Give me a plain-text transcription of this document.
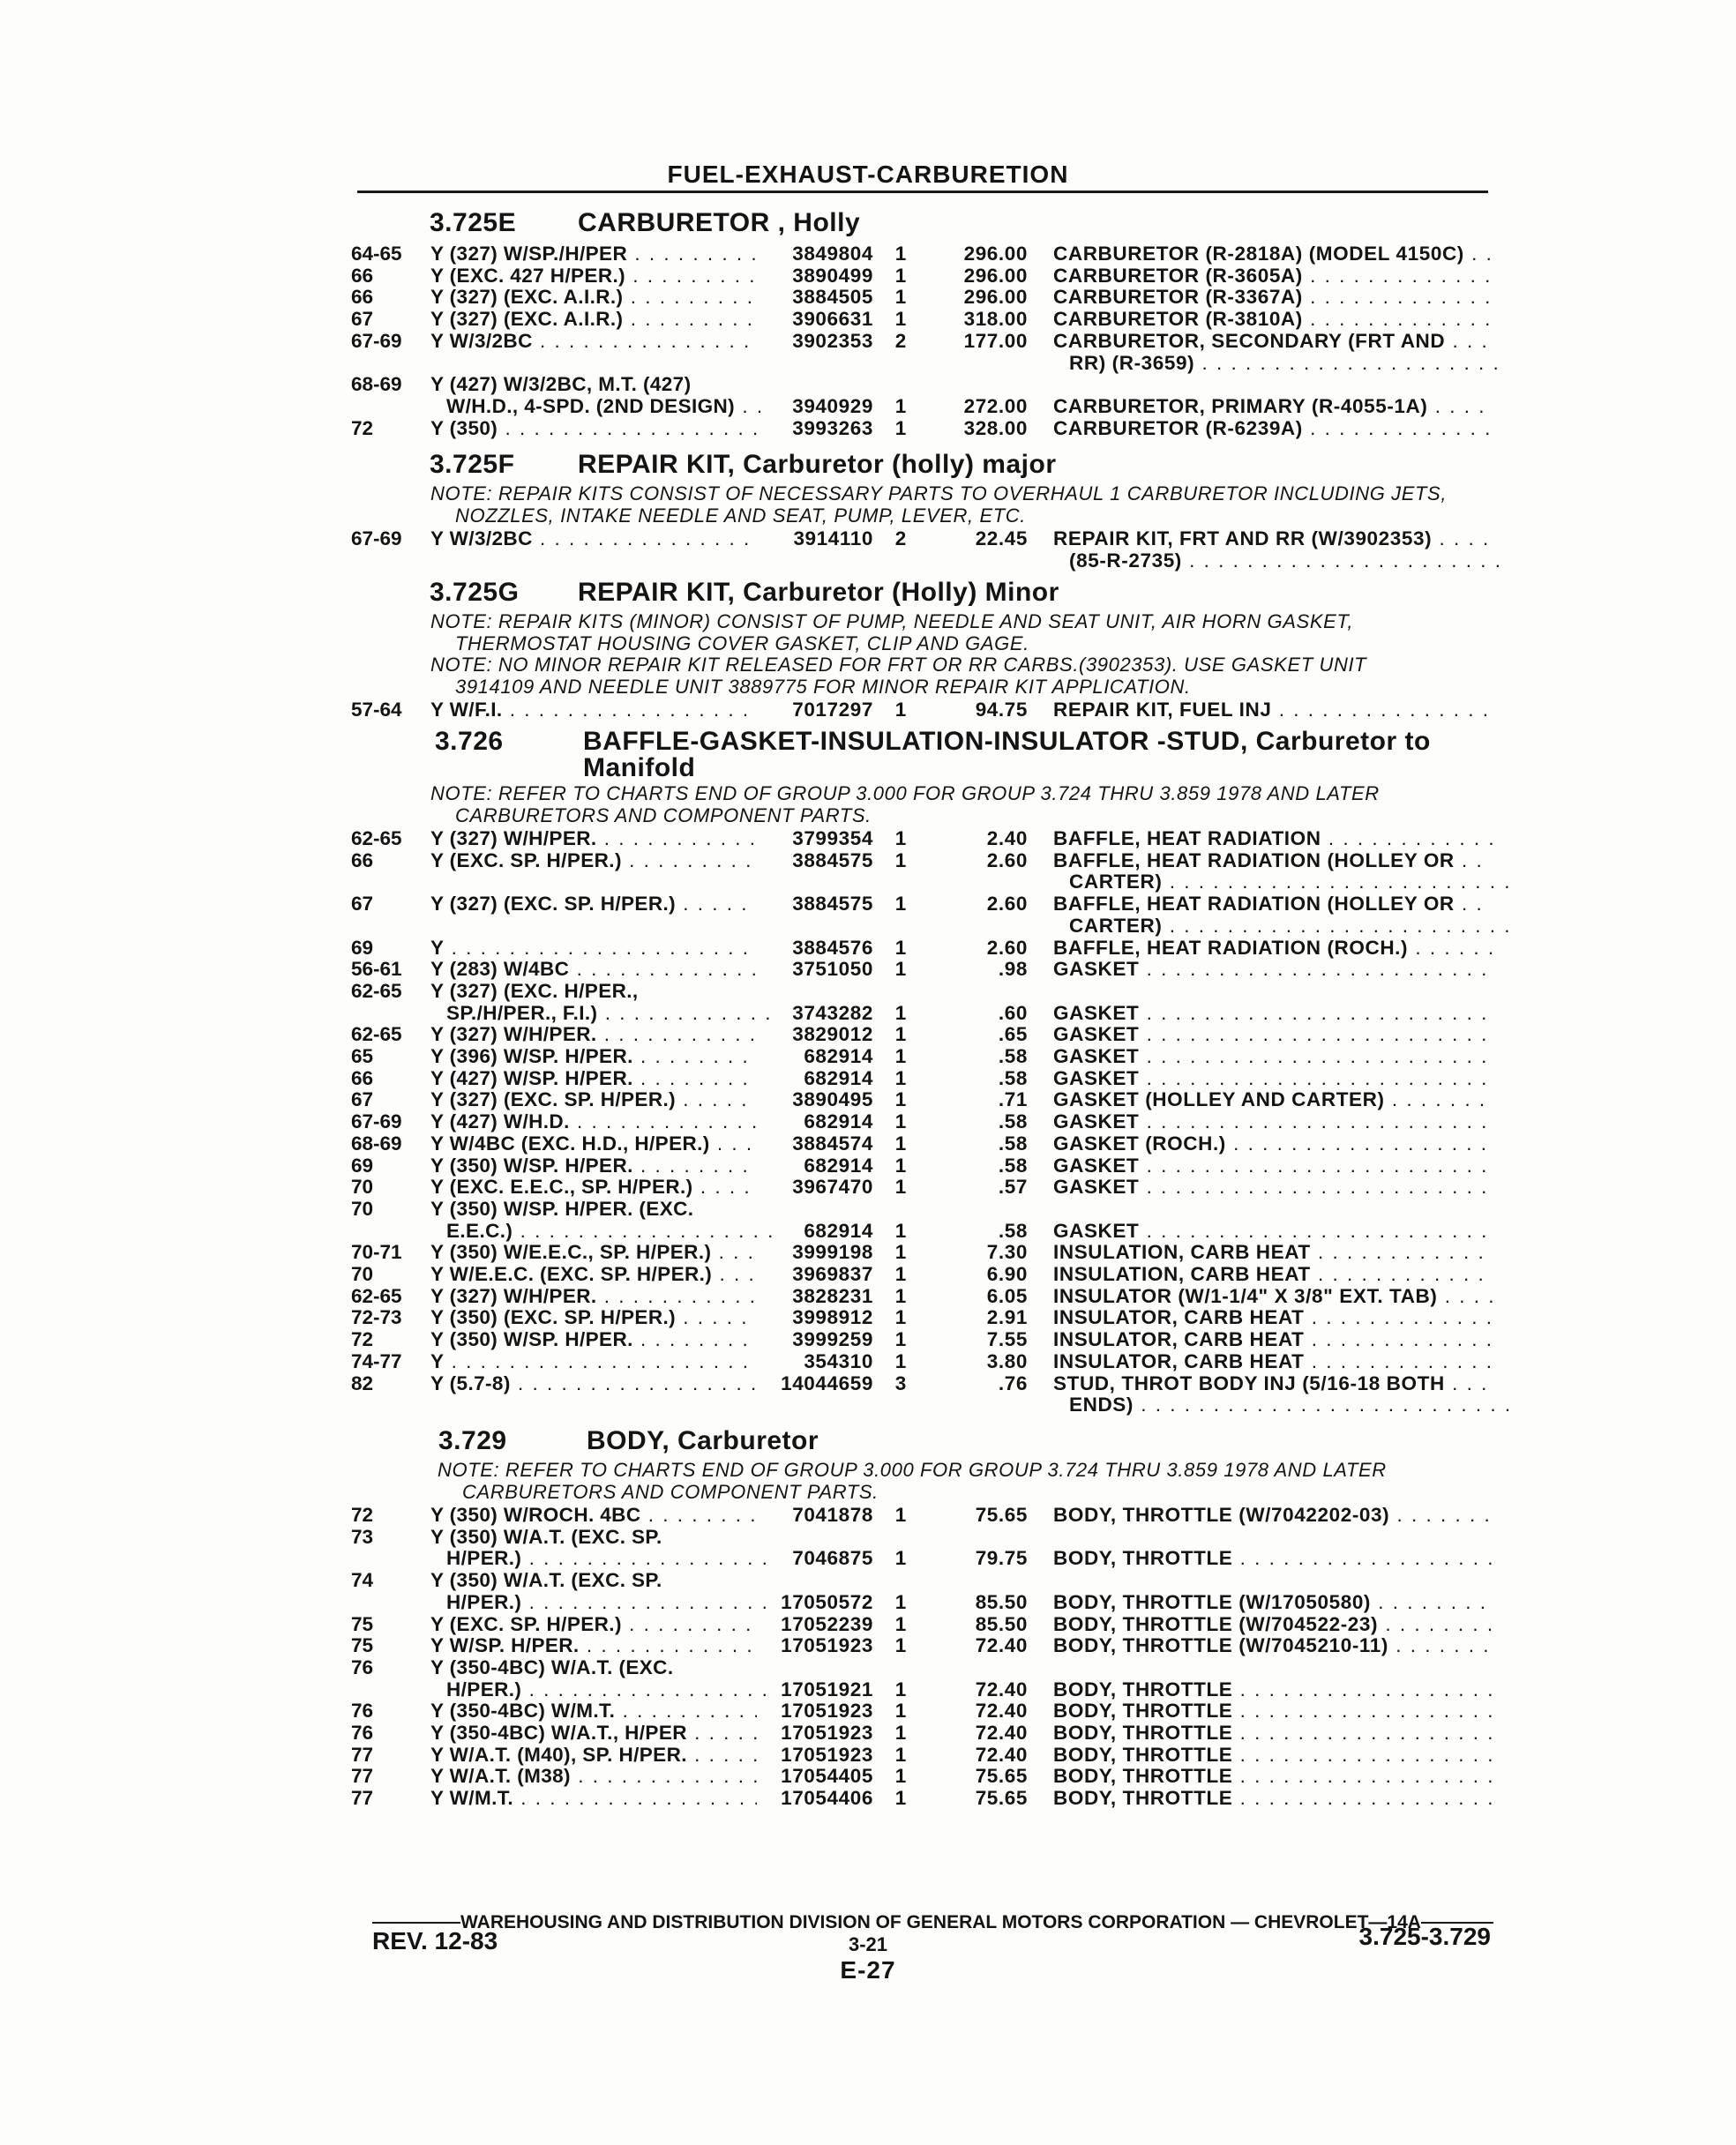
FUEL-EXHAUST-CARBURETION
3.725E CARBURETOR , Holly
64-65	Y (327) W/SP./H/PER . . .	3849804	1	296.00 CARBURETOR (R-2818A) (MODEL 4150C) . . .
66	Y (EXC. 427 H/PER.) . . .	3890499	1	296.00 CARBURETOR (R-3605A) . . .
66	Y (327) (EXC. A.I.R.) . . .	3884505	1	296.00 CARBURETOR (R-3367A) . . .
67	Y (327) (EXC. A.I.R.) . . .	3906631	1	318.00 CARBURETOR (R-3810A) . . .
67-69	Y W/3/2BC . . .	3902353	2	177.00 CARBURETOR, SECONDARY (FRT AND . . .
RR) (R-3659) . . .
68-69	Y (427) W/3/2BC, M.T. (427)
W/H.D., 4-SPD. (2ND DESIGN) . . .	3940929	1	272.00 CARBURETOR, PRIMARY (R-4055-1A) . . .
72	Y (350) . . .	3993263	1	328.00 CARBURETOR (R-6239A) . . .
3.725F REPAIR KIT, Carburetor (holly) major
NOTE: REPAIR KITS CONSIST OF NECESSARY PARTS TO OVERHAUL 1 CARBURETOR INCLUDING JETS,
NOZZLES, INTAKE NEEDLE AND SEAT, PUMP, LEVER, ETC.
67-69	Y W/3/2BC . . .	3914110	2	22.45 REPAIR KIT, FRT AND RR (W/3902353) . . .
(85-R-2735) . . .
3.725G REPAIR KIT, Carburetor (Holly) Minor
NOTE: REPAIR KITS (MINOR) CONSIST OF PUMP, NEEDLE AND SEAT UNIT, AIR HORN GASKET,
THERMOSTAT HOUSING COVER GASKET, CLIP AND GAGE.
NOTE: NO MINOR REPAIR KIT RELEASED FOR FRT OR RR CARBS.(3902353). USE GASKET UNIT
3914109 AND NEEDLE UNIT 3889775 FOR MINOR REPAIR KIT APPLICATION.
57-64	Y W/F.I. . . .	7017297	1	94.75 REPAIR KIT, FUEL INJ . . .
3.726	BAFFLE-GASKET-INSULATION-INSULATOR -STUD, Carburetor to
Manifold
NOTE: REFER TO CHARTS END OF GROUP 3.000 FOR GROUP 3.724 THRU 3.859 1978 AND LATER
CARBURETORS AND COMPONENT PARTS.
62-65	Y (327) W/H/PER. . . .	3799354	1	2.40 BAFFLE, HEAT RADIATION . . .
66	Y (EXC. SP. H/PER.) . . .	3884575	1	2.60 BAFFLE, HEAT RADIATION (HOLLEY OR . . .
CARTER) . . .
67	Y (327) (EXC. SP. H/PER.) . . .	3884575	1	2.60 BAFFLE, HEAT RADIATION (HOLLEY OR . . .
CARTER) . . .
69	Y . . .	3884576	1	2.60 BAFFLE, HEAT RADIATION (ROCH.) . . .
56-61	Y (283) W/4BC . . .	3751050	1	.98 GASKET . . .
62-65	Y (327) (EXC. H/PER.,
SP./H/PER., F.I.) . . .	3743282	1	.60 GASKET . . .
62-65	Y (327) W/H/PER. . . .	3829012	1	.65 GASKET . . .
65	Y (396) W/SP. H/PER. . . .	682914	1	.58 GASKET . . .
66	Y (427) W/SP. H/PER. . . .	682914	1	.58 GASKET . . .
67	Y (327) (EXC. SP. H/PER.) . . .	3890495	1	.71 GASKET (HOLLEY AND CARTER) . . .
67-69	Y (427) W/H.D. . . .	682914	1	.58 GASKET . . .
68-69	Y W/4BC (EXC. H.D., H/PER.) . . .	3884574	1	.58 GASKET (ROCH.) . . .
69	Y (350) W/SP. H/PER. . . .	682914	1	.58 GASKET . . .
70	Y (EXC. E.E.C., SP. H/PER.) . . .	3967470	1	.57 GASKET . . .
70	Y (350) W/SP. H/PER. (EXC.
E.E.C.) . . .	682914	1	.58 GASKET . . .
70-71	Y (350) W/E.E.C., SP. H/PER.) . . .	3999198	1	7.30 INSULATION, CARB HEAT . . .
70	Y W/E.E.C. (EXC. SP. H/PER.) . . .	3969837	1	6.90 INSULATION, CARB HEAT . . .
62-65	Y (327) W/H/PER. . . .	3828231	1	6.05 INSULATOR (W/1-1/4" X 3/8" EXT. TAB) . . .
72-73	Y (350) (EXC. SP. H/PER.) . . .	3998912	1	2.91 INSULATOR, CARB HEAT . . .
72	Y (350) W/SP. H/PER. . . .	3999259	1	7.55 INSULATOR, CARB HEAT . . .
74-77	Y . . .	354310	1	3.80 INSULATOR, CARB HEAT . . .
82	Y (5.7-8) . . .	14044659	3	.76 STUD, THROT BODY INJ (5/16-18 BOTH . . .
ENDS) . . .
3.729	BODY, Carburetor
NOTE: REFER TO CHARTS END OF GROUP 3.000 FOR GROUP 3.724 THRU 3.859 1978 AND LATER
CARBURETORS AND COMPONENT PARTS.
72	Y (350) W/ROCH. 4BC . . .	7041878	1	75.65 BODY, THROTTLE (W/7042202-03) . . .
73	Y (350) W/A.T. (EXC. SP.
H/PER.) . . .	7046875	1	79.75 BODY, THROTTLE . . .
74	Y (350) W/A.T. (EXC. SP.
H/PER.) . . .	17050572	1	85.50 BODY, THROTTLE (W/17050580) . . .
75	Y (EXC. SP. H/PER.) . . .	17052239	1	85.50 BODY, THROTTLE (W/704522-23) . . .
75	Y W/SP. H/PER. . . .	17051923	1	72.40 BODY, THROTTLE (W/7045210-11) . . .
76	Y (350-4BC) W/A.T. (EXC.
H/PER.) . . .	17051921	1	72.40 BODY, THROTTLE . . .
76	Y (350-4BC) W/M.T. . . .	17051923	1	72.40 BODY, THROTTLE . . .
76	Y (350-4BC) W/A.T., H/PER . . .	17051923	1	72.40 BODY, THROTTLE . . .
77	Y W/A.T. (M40), SP. H/PER. . . .	17051923	1	72.40 BODY, THROTTLE . . .
77	Y W/A.T. (M38) . . .	17054405	1	75.65 BODY, THROTTLE . . .
77	Y W/M.T. . . .	17054406	1	75.65 BODY, THROTTLE . . .
WAREHOUSING AND DISTRIBUTION DIVISION OF GENERAL MOTORS CORPORATION — CHEVROLET—14A
REV. 12-83	3-21
E-27
3.725-3.729
